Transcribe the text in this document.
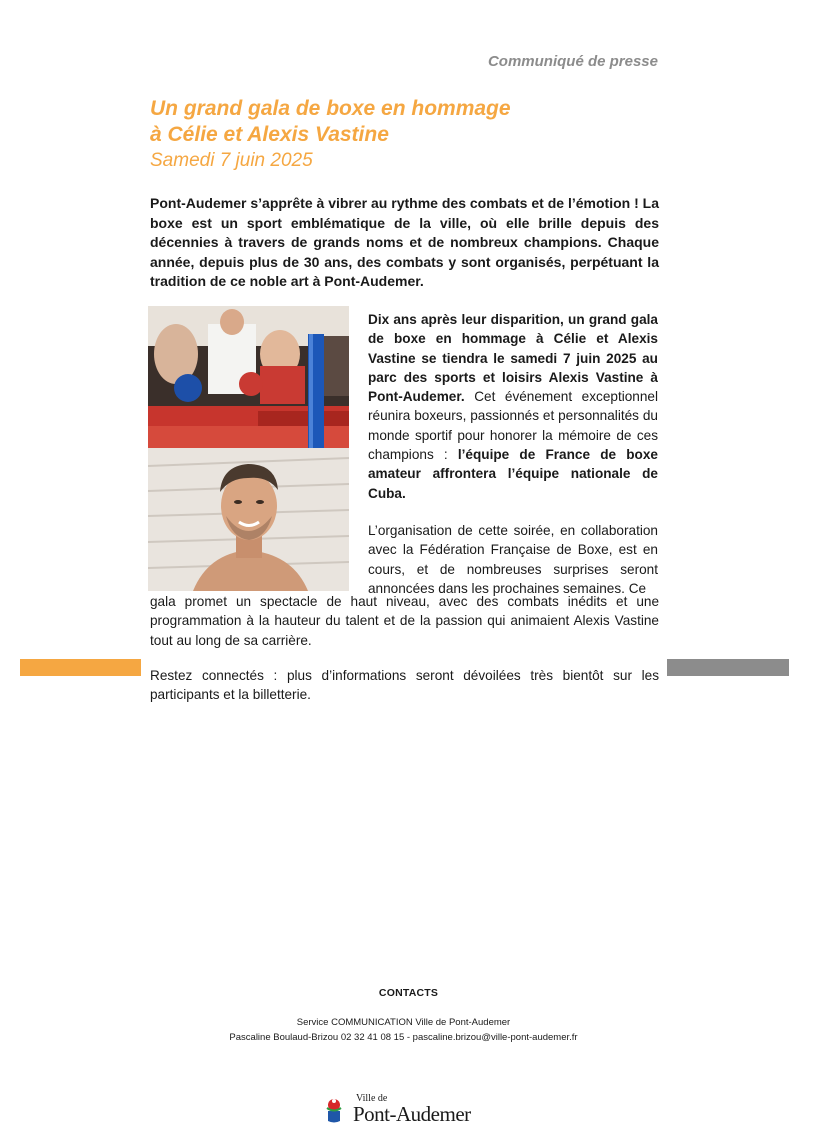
Communiqué de presse
Un grand gala de boxe en hommage
à Célie et Alexis Vastine
Samedi 7 juin 2025

Pont-Audemer s’apprête à vibrer au rythme des combats et de l’émotion ! La boxe est un sport emblématique de la ville, où elle brille depuis des décennies à travers de grands noms et de nombreux champions. Chaque année, depuis plus de 30 ans, des combats y sont organisés, perpétuant la tradition de ce noble art à Pont-Audemer.

Dix ans après leur disparition, un grand gala de boxe en hommage à Célie et Alexis Vastine se tiendra le samedi 7 juin 2025 au parc des sports et loisirs Alexis Vastine à Pont-Audemer. Cet événement exceptionnel réunira boxeurs, passionnés et personnalités du monde sportif pour honorer la mémoire de ces champions : l’équipe de France de boxe amateur affrontera l’équipe nationale de Cuba.

L’organisation de cette soirée, en collaboration avec la Fédération Française de Boxe, est en cours, et de nombreuses surprises seront annoncées dans les prochaines semaines. Ce

gala promet un spectacle de haut niveau, avec des combats inédits et une programmation à la hauteur du talent et de la passion qui animaient Alexis Vastine tout au long de sa carrière.

Restez connectés : plus d’informations seront dévoilées très bientôt sur les participants et la billetterie.

CONTACTS
Service COMMUNICATION Ville de Pont-Audemer
Pascaline Boulaud-Brizou 02 32 41 08 15 - pascaline.brizou@ville-pont-audemer.fr
Ville de
Pont-Audemer
